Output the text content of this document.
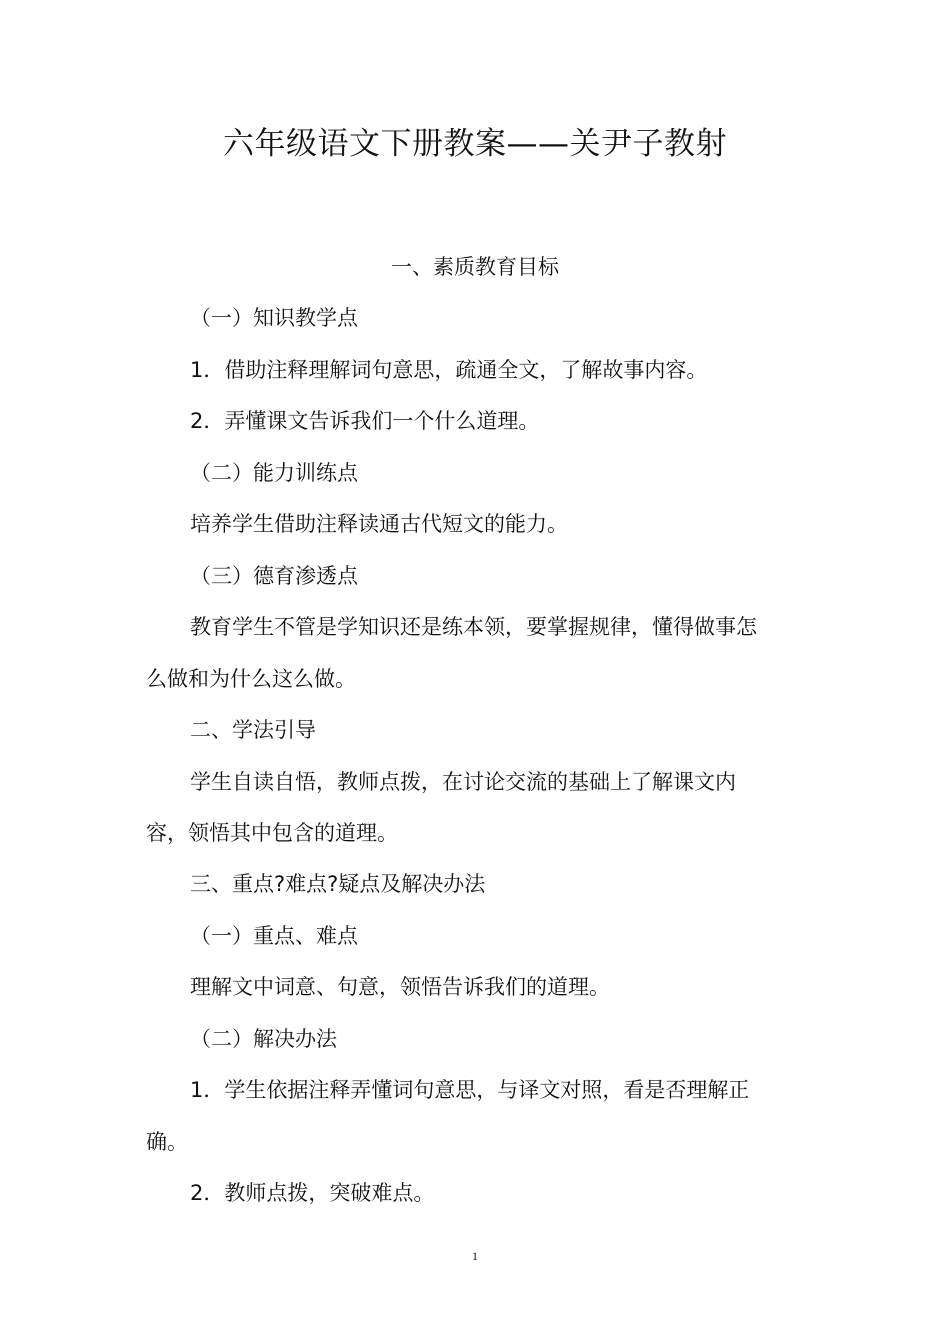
六年级语文下册教案——关尹子教射
一、素质教育目标
（一）知识教学点
1．借助注释理解词句意思，疏通全文，了解故事内容。
2．弄懂课文告诉我们一个什么道理。
（二）能力训练点
培养学生借助注释读通古代短文的能力。
（三）德育渗透点
教育学生不管是学知识还是练本领，要掌握规律，懂得做事怎
么做和为什么这么做。
二、学法引导
学生自读自悟，教师点拨，在讨论交流的基础上了解课文内
容，领悟其中包含的道理。
三、重点?难点?疑点及解决办法
（一）重点、难点
理解文中词意、句意，领悟告诉我们的道理。
（二）解决办法
1．学生依据注释弄懂词句意思，与译文对照，看是否理解正
确。
2．教师点拨，突破难点。
1
